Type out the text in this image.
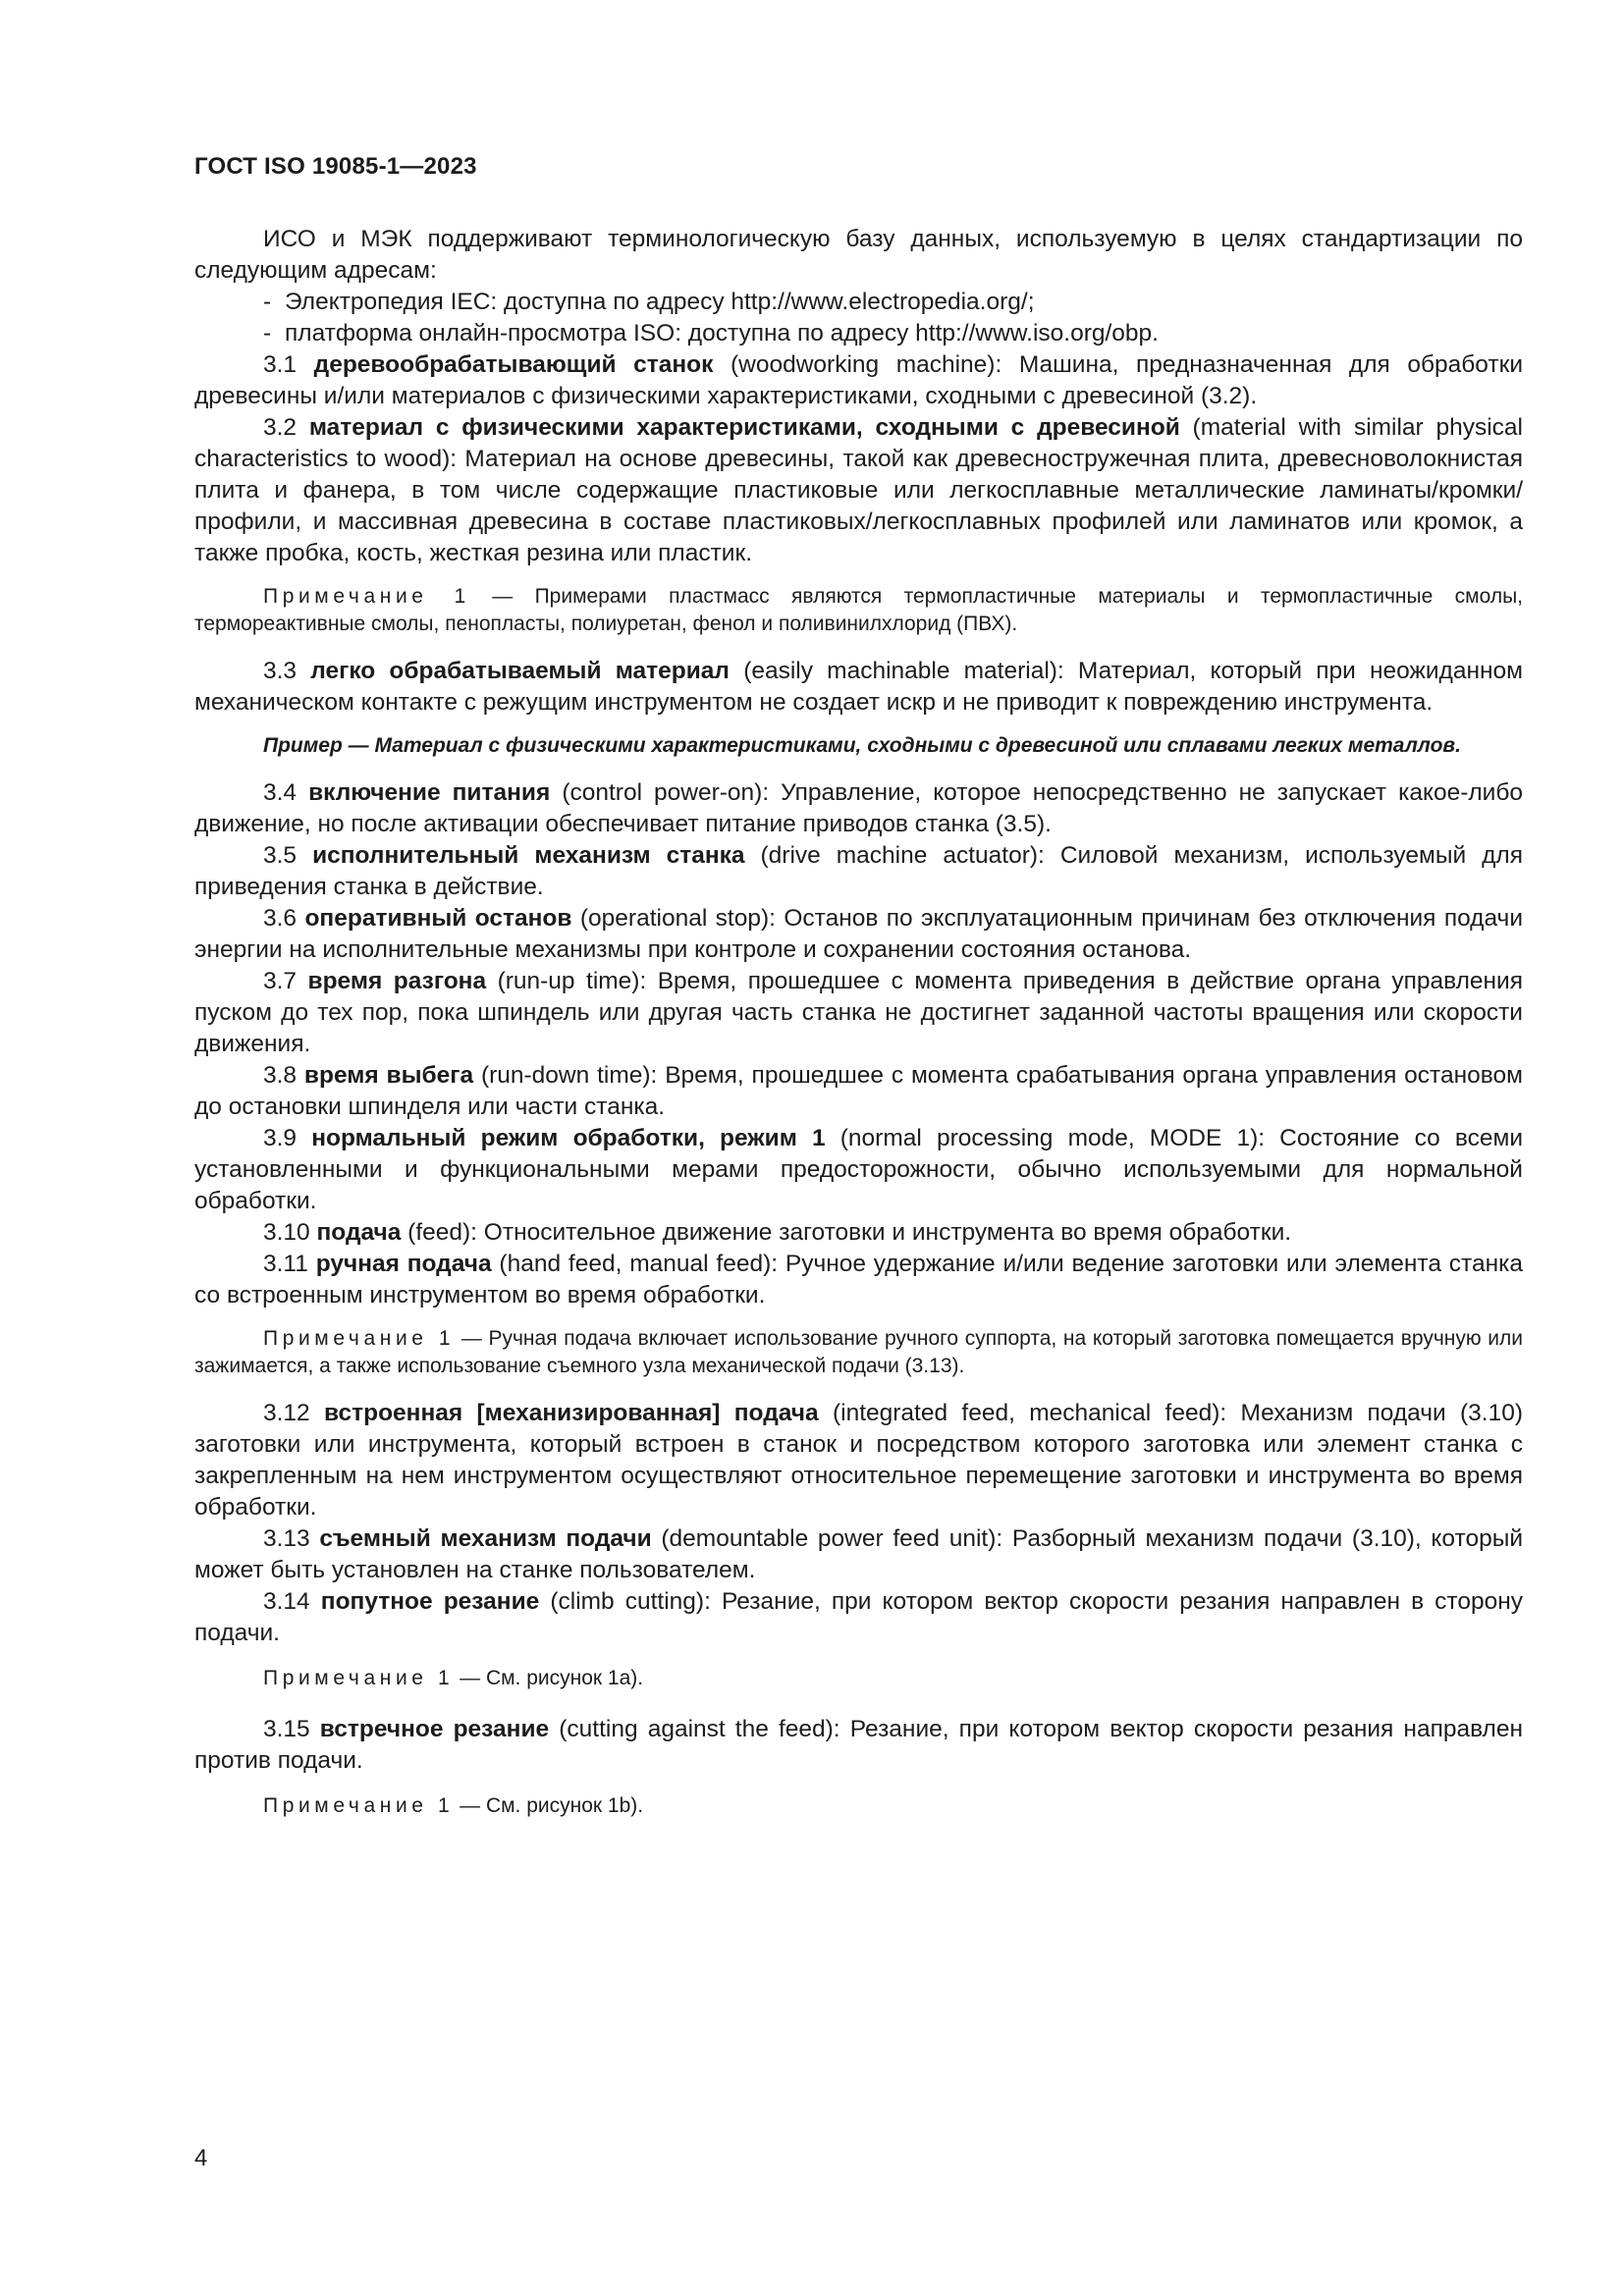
ГОСТ ISO 19085-1—2023

ИСО и МЭК поддерживают терминологическую базу данных, используемую в целях стандартизации по следующим адресам:

- Электропедия IEC: доступна по адресу http://www.electropedia.org/;

- платформа онлайн-просмотра ISO: доступна по адресу http://www.iso.org/obp.

3.1 деревообрабатывающий станок (woodworking machine): Машина, предназначенная для обработки древесины и/или материалов с физическими характеристиками, сходными с древесиной (3.2).

3.2 материал с физическими характеристиками, сходными с древесиной (material with similar physical characteristics to wood): Материал на основе древесины, такой как древесностружечная плита, древесноволокнистая плита и фанера, в том числе содержащие пластиковые или легкосплавные металлические ламинаты/кромки/профили, и массивная древесина в составе пластиковых/легкосплавных профилей или ламинатов или кромок, а также пробка, кость, жесткая резина или пластик.

Примечание 1 — Примерами пластмасс являются термопластичные материалы и термопластичные смолы, термореактивные смолы, пенопласты, полиуретан, фенол и поливинилхлорид (ПВХ).

3.3 легко обрабатываемый материал (easily machinable material): Материал, который при неожиданном механическом контакте с режущим инструментом не создает искр и не приводит к повреждению инструмента.

Пример — Материал с физическими характеристиками, сходными с древесиной или сплавами легких металлов.

3.4 включение питания (control power-on): Управление, которое непосредственно не запускает какое-либо движение, но после активации обеспечивает питание приводов станка (3.5).

3.5 исполнительный механизм станка (drive machine actuator): Силовой механизм, используемый для приведения станка в действие.

3.6 оперативный останов (operational stop): Останов по эксплуатационным причинам без отключения подачи энергии на исполнительные механизмы при контроле и сохранении состояния останова.

3.7 время разгона (run-up time): Время, прошедшее с момента приведения в действие органа управления пуском до тех пор, пока шпиндель или другая часть станка не достигнет заданной частоты вращения или скорости движения.

3.8 время выбега (run-down time): Время, прошедшее с момента срабатывания органа управления остановом до остановки шпинделя или части станка.

3.9 нормальный режим обработки, режим 1 (normal processing mode, MODE 1): Состояние со всеми установленными и функциональными мерами предосторожности, обычно используемыми для нормальной обработки.

3.10 подача (feed): Относительное движение заготовки и инструмента во время обработки.

3.11 ручная подача (hand feed, manual feed): Ручное удержание и/или ведение заготовки или элемента станка со встроенным инструментом во время обработки.

Примечание 1 — Ручная подача включает использование ручного суппорта, на который заготовка помещается вручную или зажимается, а также использование съемного узла механической подачи (3.13).

3.12 встроенная [механизированная] подача (integrated feed, mechanical feed): Механизм подачи (3.10) заготовки или инструмента, который встроен в станок и посредством которого заготовка или элемент станка с закрепленным на нем инструментом осуществляют относительное перемещение заготовки и инструмента во время обработки.

3.13 съемный механизм подачи (demountable power feed unit): Разборный механизм подачи (3.10), который может быть установлен на станке пользователем.

3.14 попутное резание (climb cutting): Резание, при котором вектор скорости резания направлен в сторону подачи.

Примечание 1 — См. рисунок 1а).

3.15 встречное резание (cutting against the feed): Резание, при котором вектор скорости резания направлен против подачи.

Примечание 1 — См. рисунок 1b).

4
